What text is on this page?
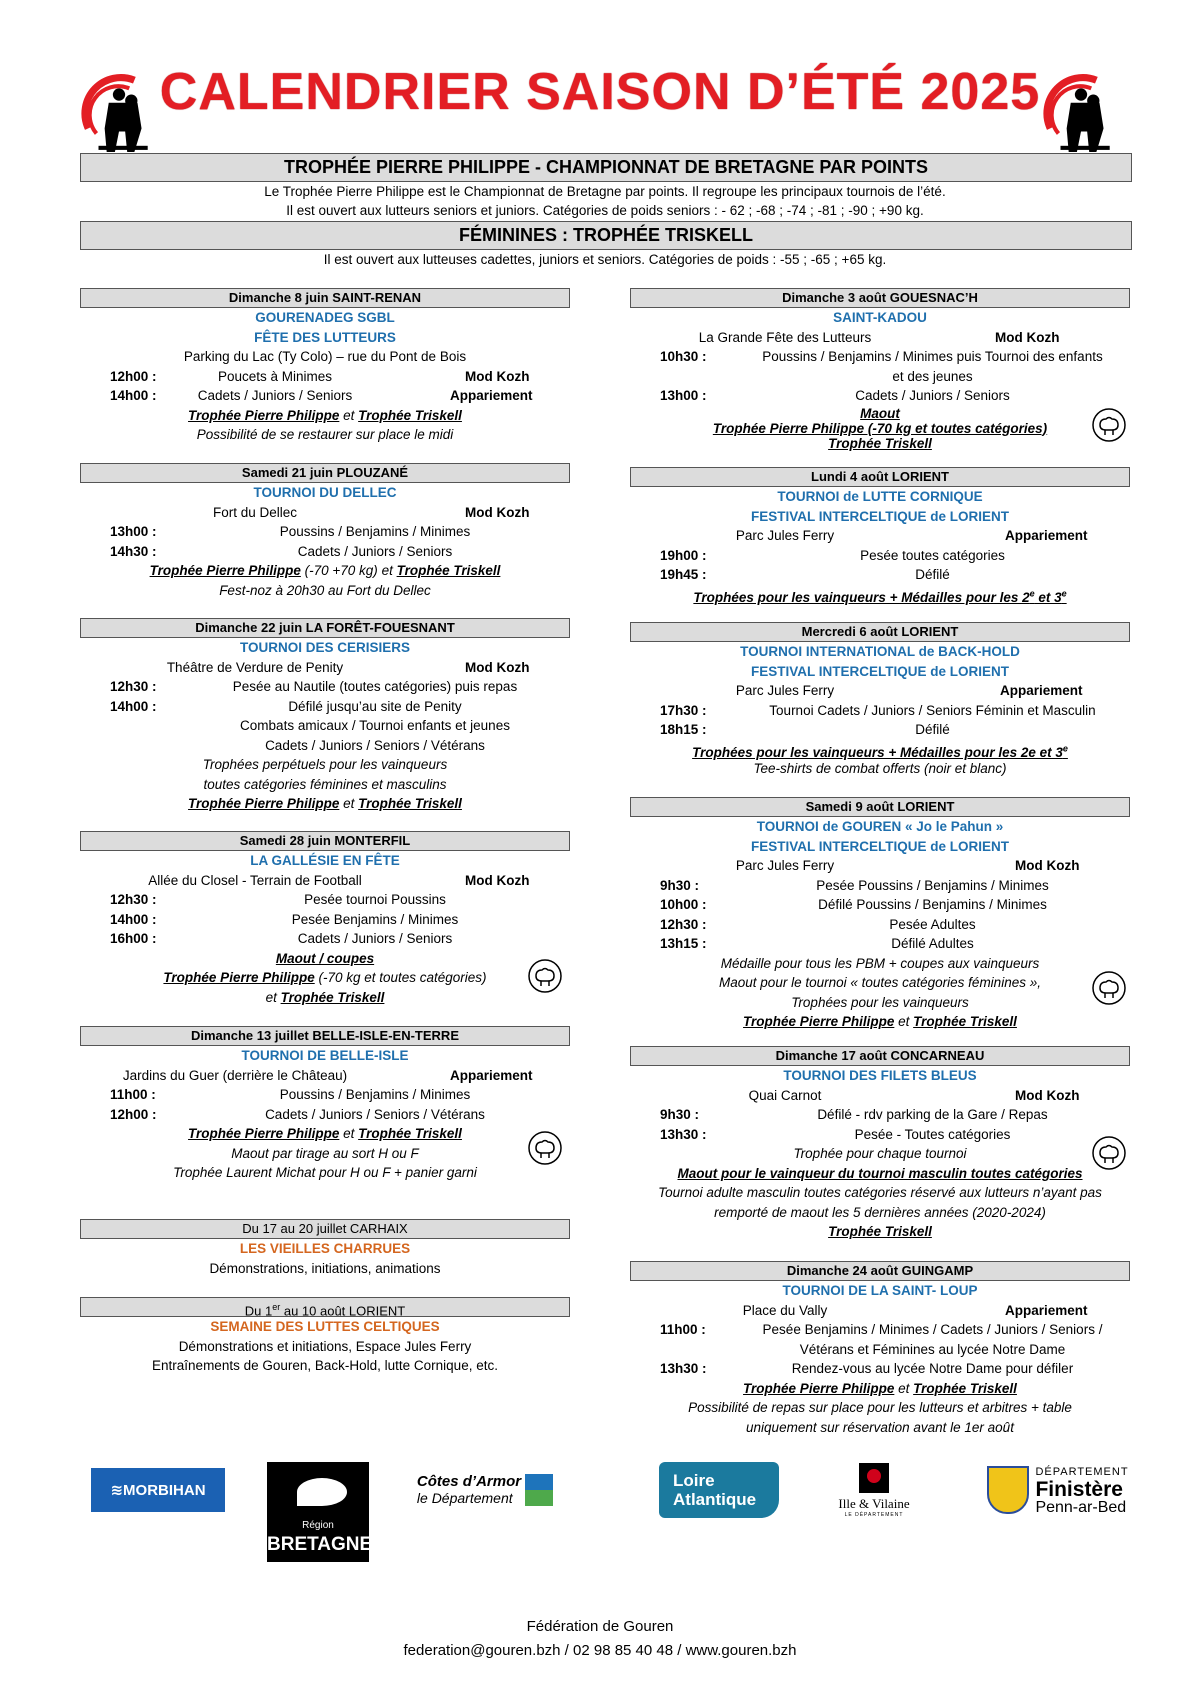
CALENDRIER SAISON D’ÉTÉ 2025
TROPHÉE PIERRE PHILIPPE - CHAMPIONNAT DE BRETAGNE PAR POINTS
Le Trophée Pierre Philippe est le Championnat de Bretagne par points. Il regroupe les principaux tournois de l’été.
Il est ouvert aux lutteurs seniors et juniors. Catégories de poids seniors : - 62 ; -68 ; -74 ; -81 ; -90 ; +90 kg.
FÉMININES : TROPHÉE TRISKELL
Il est ouvert aux lutteuses cadettes, juniors et seniors. Catégories de poids : -55 ; -65 ; +65 kg.
Dimanche 8 juin SAINT-RENAN
GOURENADEG SGBL
FÊTE DES LUTTEURS
Parking du Lac (Ty Colo) – rue du Pont de Bois
12h00 :	Poucets à Minimes	Mod Kozh
14h00 :	Cadets / Juniors / Seniors	Appariement
Trophée Pierre Philippe et Trophée Triskell
Possibilité de se restaurer sur place le midi
Samedi 21 juin PLOUZANÉ
TOURNOI DU DELLEC
Fort du Dellec	Mod Kozh
13h00 :	Poussins / Benjamins / Minimes
14h30 :	Cadets / Juniors / Seniors
Trophée Pierre Philippe (-70 +70 kg) et Trophée Triskell
Fest-noz à 20h30 au Fort du Dellec
Dimanche 22 juin LA FORÊT-FOUESNANT
TOURNOI DES CERISIERS
Théâtre de Verdure de Penity	Mod Kozh
12h30 :	Pesée au Nautile (toutes catégories) puis repas
14h00 :	Défilé jusqu’au site de Penity
Combats amicaux / Tournoi enfants et jeunes
Cadets / Juniors / Seniors / Vétérans
Trophées perpétuels pour les vainqueurs
toutes catégories féminines et masculins
Trophée Pierre Philippe et Trophée Triskell
Samedi 28 juin MONTERFIL
LA GALLÉSIE EN FÊTE
Allée du Closel - Terrain de Football	Mod Kozh
12h30 :	Pesée tournoi Poussins
14h00 :	Pesée Benjamins / Minimes
16h00 :	Cadets / Juniors / Seniors
Maout / coupes
Trophée Pierre Philippe (-70 kg et toutes catégories)
et Trophée Triskell
Dimanche 13 juillet BELLE-ISLE-EN-TERRE
TOURNOI DE BELLE-ISLE
Jardins du Guer (derrière le Château)	Appariement
11h00 :	Poussins / Benjamins / Minimes
12h00 :	Cadets / Juniors / Seniors / Vétérans
Trophée Pierre Philippe et Trophée Triskell
Maout par tirage au sort H ou F
Trophée Laurent Michat pour H ou F + panier garni
Du 17 au 20 juillet CARHAIX
LES VIEILLES CHARRUES
Démonstrations, initiations, animations
Du 1er au 10 août LORIENT
SEMAINE DES LUTTES CELTIQUES
Démonstrations et initiations, Espace Jules Ferry
Entraînements de Gouren, Back-Hold, lutte Cornique, etc.
Dimanche 3 août GOUESNAC’H
SAINT-KADOU
La Grande Fête des Lutteurs	Mod Kozh
10h30 :	Poussins / Benjamins / Minimes puis Tournoi des enfants
et des jeunes
13h00 :	Cadets / Juniors / Seniors
Maout
Trophée Pierre Philippe (-70 kg et toutes catégories)
Trophée Triskell
Lundi 4 août LORIENT
TOURNOI de LUTTE CORNIQUE
FESTIVAL INTERCELTIQUE de LORIENT
Parc Jules Ferry	Appariement
19h00 :	Pesée toutes catégories
19h45 :	Défilé
Trophées pour les vainqueurs + Médailles pour les 2e et 3e
Mercredi 6 août LORIENT
TOURNOI INTERNATIONAL de BACK-HOLD
FESTIVAL INTERCELTIQUE de LORIENT
Parc Jules Ferry	Appariement
17h30 :	Tournoi Cadets / Juniors / Seniors Féminin et Masculin
18h15 :	Défilé
Trophées pour les vainqueurs + Médailles pour les 2e et 3e
Tee-shirts de combat offerts (noir et blanc)
Samedi 9 août LORIENT
TOURNOI de GOUREN « Jo le Pahun »
FESTIVAL INTERCELTIQUE de LORIENT
Parc Jules Ferry	Mod Kozh
9h30 :	Pesée Poussins / Benjamins / Minimes
10h00 :	Défilé Poussins / Benjamins / Minimes
12h30 :	Pesée Adultes
13h15 :	Défilé Adultes
Médaille pour tous les PBM + coupes aux vainqueurs
Maout pour le tournoi « toutes catégories féminines »,
Trophées pour les vainqueurs
Trophée Pierre Philippe et Trophée Triskell
Dimanche 17 août CONCARNEAU
TOURNOI DES FILETS BLEUS
Quai Carnot	Mod Kozh
9h30 :	Défilé - rdv parking de la Gare / Repas
13h30 :	Pesée - Toutes catégories
Trophée pour chaque tournoi
Maout pour le vainqueur du tournoi masculin toutes catégories
Tournoi adulte masculin toutes catégories réservé aux lutteurs n’ayant pas
remporté de maout les 5 dernières années (2020-2024)
Trophée Triskell
Dimanche 24 août GUINGAMP
TOURNOI DE LA SAINT- LOUP
Place du Vally	Appariement
11h00 :	Pesée Benjamins / Minimes / Cadets / Juniors / Seniors /
Vétérans et Féminines au lycée Notre Dame
13h30 :	Rendez-vous au lycée Notre Dame pour défiler
Trophée Pierre Philippe et Trophée Triskell
Possibilité de repas sur place pour les lutteurs et arbitres + table
uniquement sur réservation avant le 1er août
≋ MORBIHAN
Région
BRETAGNE
Côtes d’Armor
le Département
Loire
Atlantique	Ille & Vilaine
LE DÉPARTEMENT
DÉPARTEMENT
Finistère
Penn-ar-Bed
Fédération de Gouren
federation@gouren.bzh / 02 98 85 40 48 / www.gouren.bzh
